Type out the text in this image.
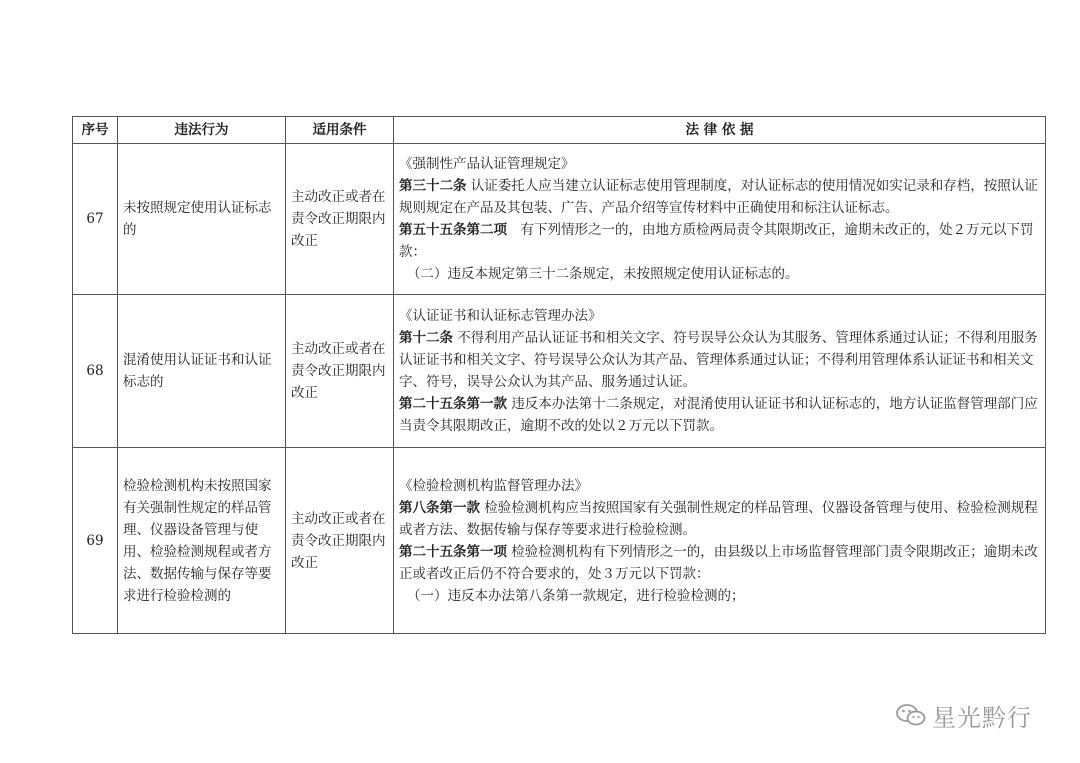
序号	违法行为	适用条件	法 律 依 据
67	未按照规定使用认证标志的	主动改正或者在责令改正期限内改正	《强制性产品认证管理规定》
第三十二条 认证委托人应当建立认证标志使用管理制度，对认证标志的使用情况如实记录和存档，按照认证规则规定在产品及其包装、广告、产品介绍等宣传材料中正确使用和标注认证标志。
第五十五条第二项　有下列情形之一的，由地方质检两局责令其限期改正，逾期未改正的，处２万元以下罚款：
（二）违反本规定第三十二条规定，未按照规定使用认证标志的。

68	混淆使用认证证书和认证标志的	主动改正或者在责令改正期限内改正	《认证证书和认证标志管理办法》
第十二条 不得利用产品认证证书和相关文字、符号误导公众认为其服务、管理体系通过认证；不得利用服务认证证书和相关文字、符号误导公众认为其产品、管理体系通过认证；不得利用管理体系认证证书和相关文字、符号，误导公众认为其产品、服务通过认证。
第二十五条第一款 违反本办法第十二条规定，对混淆使用认证证书和认证标志的，地方认证监督管理部门应当责令其限期改正，逾期不改的处以２万元以下罚款。

69	检验检测机构未按照国家有关强制性规定的样品管理、仪器设备管理与使用、检验检测规程或者方法、数据传输与保存等要求进行检验检测的	主动改正或者在责令改正期限内改正	《检验检测机构监督管理办法》
第八条第一款 检验检测机构应当按照国家有关强制性规定的样品管理、仪器设备管理与使用、检验检测规程或者方法、数据传输与保存等要求进行检验检测。
第二十五条第一项 检验检测机构有下列情形之一的，由县级以上市场监督管理部门责令限期改正；逾期未改正或者改正后仍不符合要求的，处３万元以下罚款：
（一）违反本办法第八条第一款规定，进行检验检测的；
星光黔行
